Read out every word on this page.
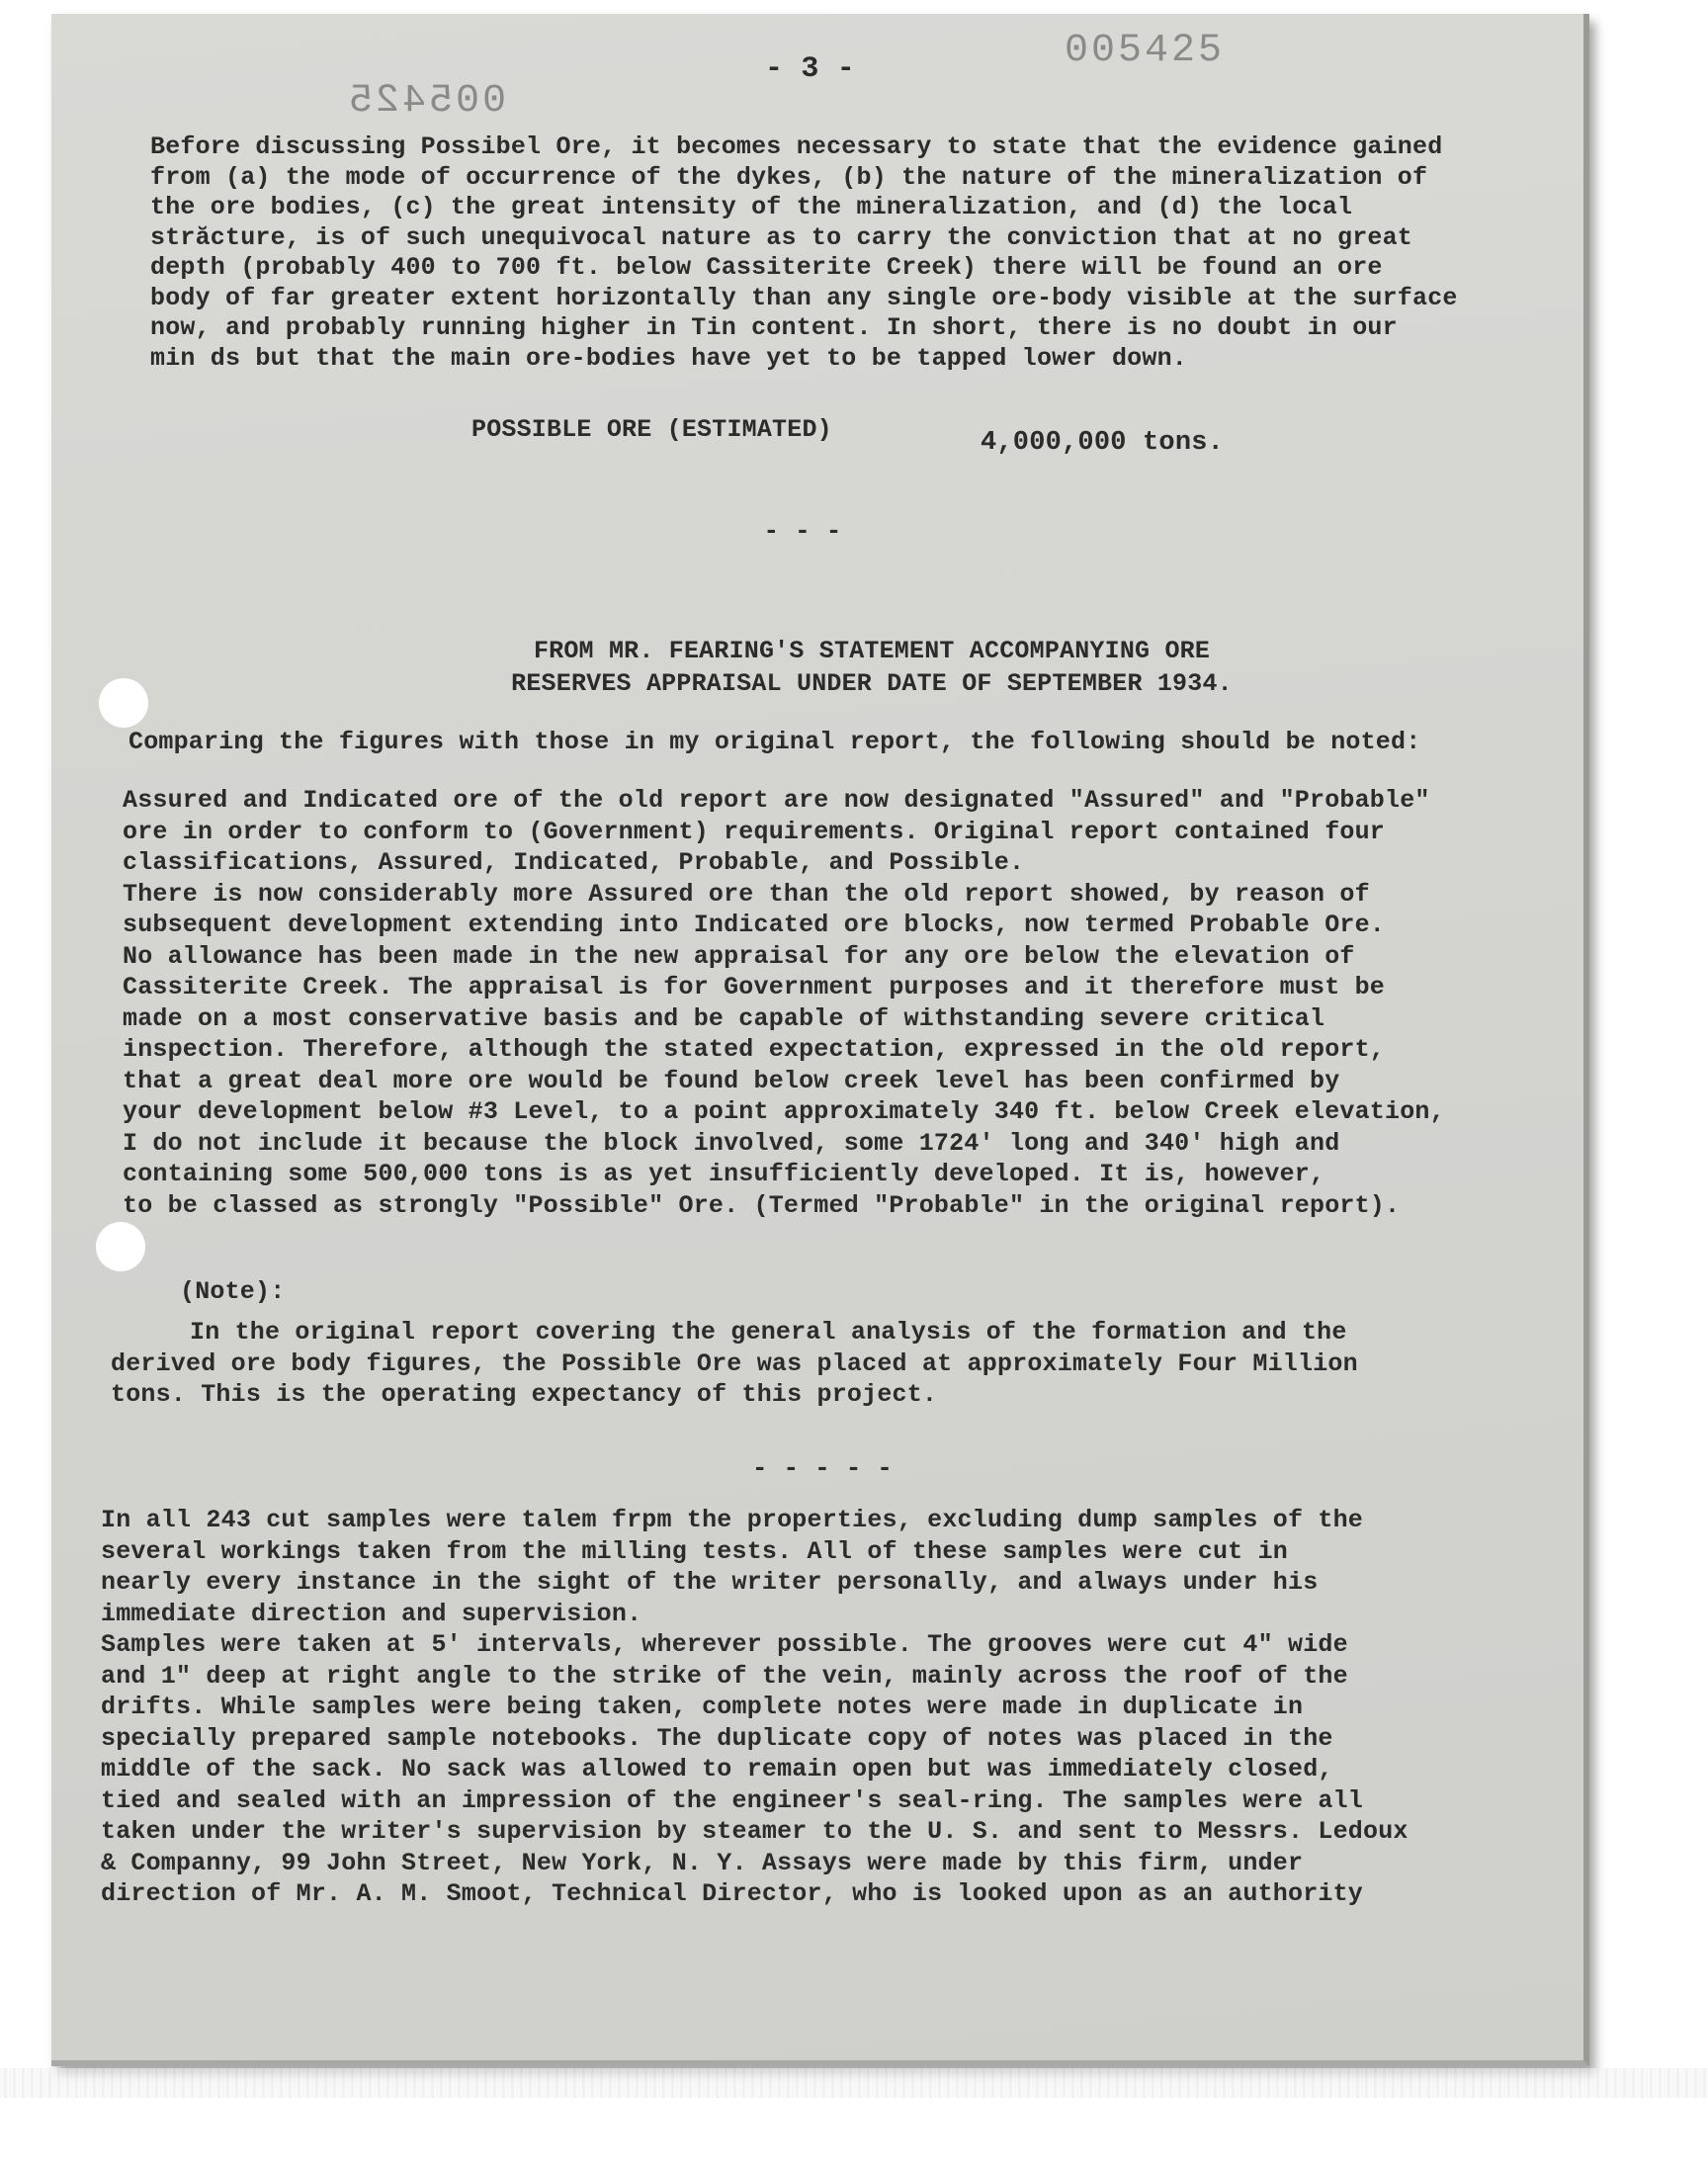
005425

- 3 -	005425
Before discussing Possibel Ore, it becomes necessary to state that the evidence gained
from (a) the mode of occurrence of the dykes, (b) the nature of the mineralization of
the ore bodies, (c) the great intensity of the mineralization, and (d) the local
străcture, is of such unequivocal nature as to carry the conviction that at no great
depth (probably 400 to 700 ft. below Cassiterite Creek) there will be found an ore
body of far greater extent horizontally than any single ore-body visible at the surface
now, and probably running higher in Tin content. In short, there is no doubt in our
min ds but that the main ore-bodies have yet to be tapped lower down.
POSSIBLE ORE (ESTIMATED)	4,000,000 tons.
- - -
FROM MR. FEARING'S STATEMENT ACCOMPANYING ORE
RESERVES APPRAISAL UNDER DATE OF SEPTEMBER 1934.
Comparing the figures with those in my original report, the following should be noted:
Assured and Indicated ore of the old report are now designated "Assured" and "Probable"
ore in order to conform to (Government) requirements. Original report contained four
classifications, Assured, Indicated, Probable, and Possible.
There is now considerably more Assured ore than the old report showed, by reason of
subsequent development extending into Indicated ore blocks, now termed Probable Ore.
No allowance has been made in the new appraisal for any ore below the elevation of
Cassiterite Creek. The appraisal is for Government purposes and it therefore must be
made on a most conservative basis and be capable of withstanding severe critical
inspection. Therefore, although the stated expectation, expressed in the old report,
that a great deal more ore would be found below creek level has been confirmed by
your development below #3 Level, to a point approximately 340 ft. below Creek elevation,
I do not include it because the block involved, some 1724' long and 340' high and
containing some 500,000 tons is as yet insufficiently developed. It is, however,
to be classed as strongly "Possible" Ore. (Termed "Probable" in the original report).
(Note):
In the original report covering the general analysis of the formation and the
derived ore body figures, the Possible Ore was placed at approximately Four Million
tons. This is the operating expectancy of this project.
- - - - -
In all 243 cut samples were talem frpm the properties, excluding dump samples of the
several workings taken from the milling tests. All of these samples were cut in
nearly every instance in the sight of the writer personally, and always under his
immediate direction and supervision.
Samples were taken at 5' intervals, wherever possible. The grooves were cut 4" wide
and 1" deep at right angle to the strike of the vein, mainly across the roof of the
drifts. While samples were being taken, complete notes were made in duplicate in
specially prepared sample notebooks. The duplicate copy of notes was placed in the
middle of the sack. No sack was allowed to remain open but was immediately closed,
tied and sealed with an impression of the engineer's seal-ring. The samples were all
taken under the writer's supervision by steamer to the U. S. and sent to Messrs. Ledoux
& Companny, 99 John Street, New York, N. Y. Assays were made by this firm, under
direction of Mr. A. M. Smoot, Technical Director, who is looked upon as an authority
